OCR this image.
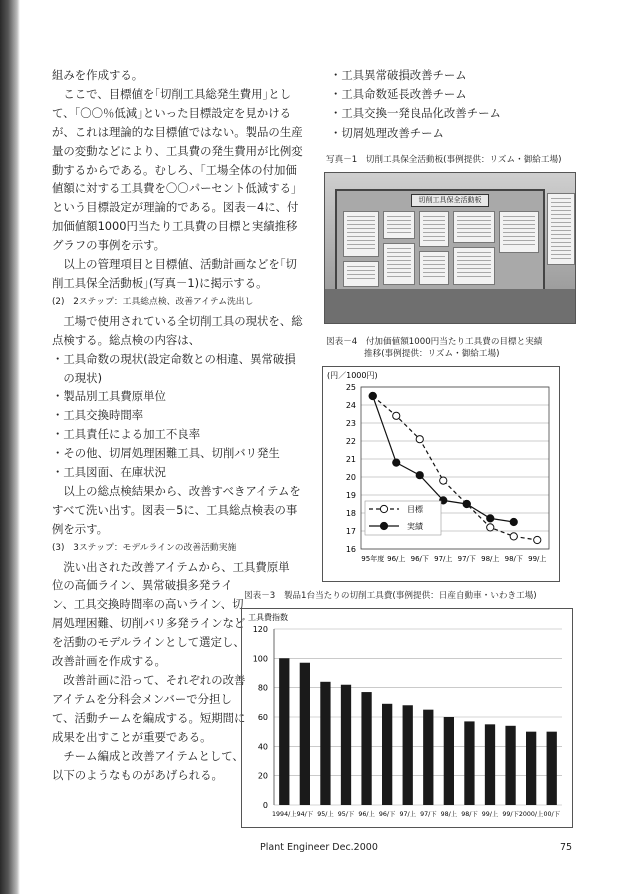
組みを作成する。

ここで、目標値を｢切削工具総発生費用｣として、｢〇〇％低減｣といった目標設定を見かけるが、これは理論的な目標値ではない。製品の生産量の変動などにより、工具費の発生費用が比例変動するからである。むしろ、｢工場全体の付加価値額に対する工具費を〇〇パーセント低減する｣という目標設定が理論的である。図表－4に、付加価値額1000円当たり工具費の目標と実績推移グラフの事例を示す。

以上の管理項目と目標値、活動計画などを｢切削工具保全活動板｣(写真－1)に掲示する。

(2)　2ステップ：工具総点検、改善アイテム洗出し

工場で使用されている全切削工具の現状を、総点検する。総点検の内容は、

・工具命数の現状(設定命数との相違、異常破損の現状)

・製品別工具費原単位

・工具交換時間率

・工具責任による加工不良率

・その他、切屑処理困難工具、切削バリ発生

・工具図面、在庫状況

以上の総点検結果から、改善すべきアイテムをすべて洗い出す。図表－5に、工具総点検表の事例を示す。

(3)　3ステップ：モデルラインの改善活動実施

洗い出された改善アイテムから、工具費原単

位の高価ライン、異常破損多発ライン、工具交換時間率の高いライン、切屑処理困難、切削バリ多発ラインなどを活動のモデルラインとして選定し、改善計画を作成する。

改善計画に沿って、それぞれの改善アイテムを分科会メンバーで分担して、活動チームを編成する。短期間に成果を出すことが重要である。

チーム編成と改善アイテムとして、以下のようなものがあげられる。

・工具異常破損改善チーム
・工具命数延長改善チーム
・工具交換一発良品化改善チーム
・切屑処理改善チーム
写真－1　切削工具保全活動板(事例提供：リズム・御給工場)
切削工具保全活動板
図表－4　付加価値額1000円当たり工具費の目標と実績
推移(事例提供：リズム・御給工場)
(円／1000円)
16
17
18
19
20
21
22
23
24
25
95年度 96/上 96/下 97/上 97/下 98/上 98/下 99/上
目標
実績
図表－3　製品1台当たりの切削工具費(事例提供：日産自動車・いわき工場)
工具費指数
0
20
40
60
80
100
120
1994/上 94/下 95/上 95/下 96/上 96/下 97/上 97/下 98/上 98/下 99/上 99/下 2000/上 00/下
Plant Engineer Dec.2000	75
